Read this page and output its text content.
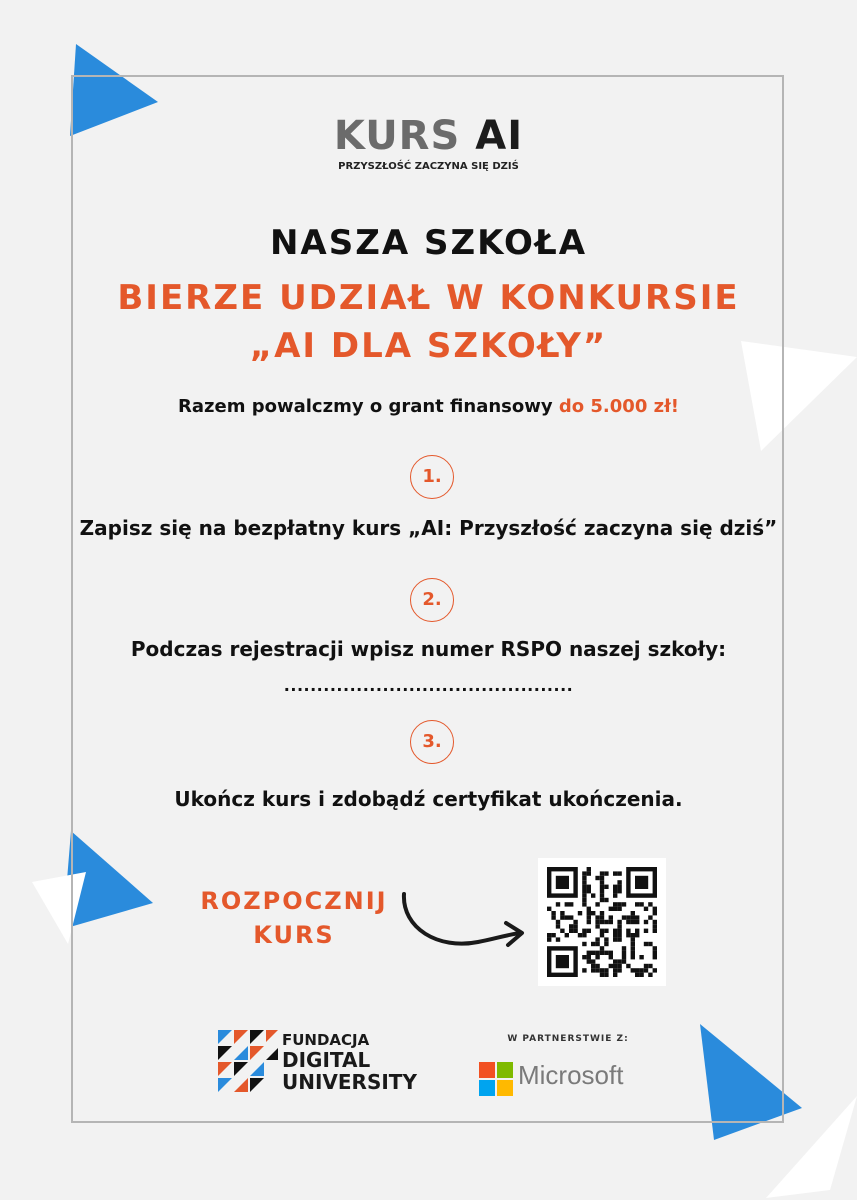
KURS AI
PRZYSZŁOŚĆ ZACZYNA SIĘ DZIŚ
NASZA SZKOŁA
BIERZE UDZIAŁ W KONKURSIE
„AI DLA SZKOŁY”
Razem powalczmy o grant finansowy do 5.000 zł!
1.
Zapisz się na bezpłatny kurs „AI: Przyszłość zaczyna się dziś”
2.
Podczas rejestracji wpisz numer RSPO naszej szkoły:
............................................
3.
Ukończ kurs i zdobądź certyfikat ukończenia.
ROZPOCZNIJ
KURS
FUNDACJA
DIGITAL
UNIVERSITY
W PARTNERSTWIE Z:
Microsoft
